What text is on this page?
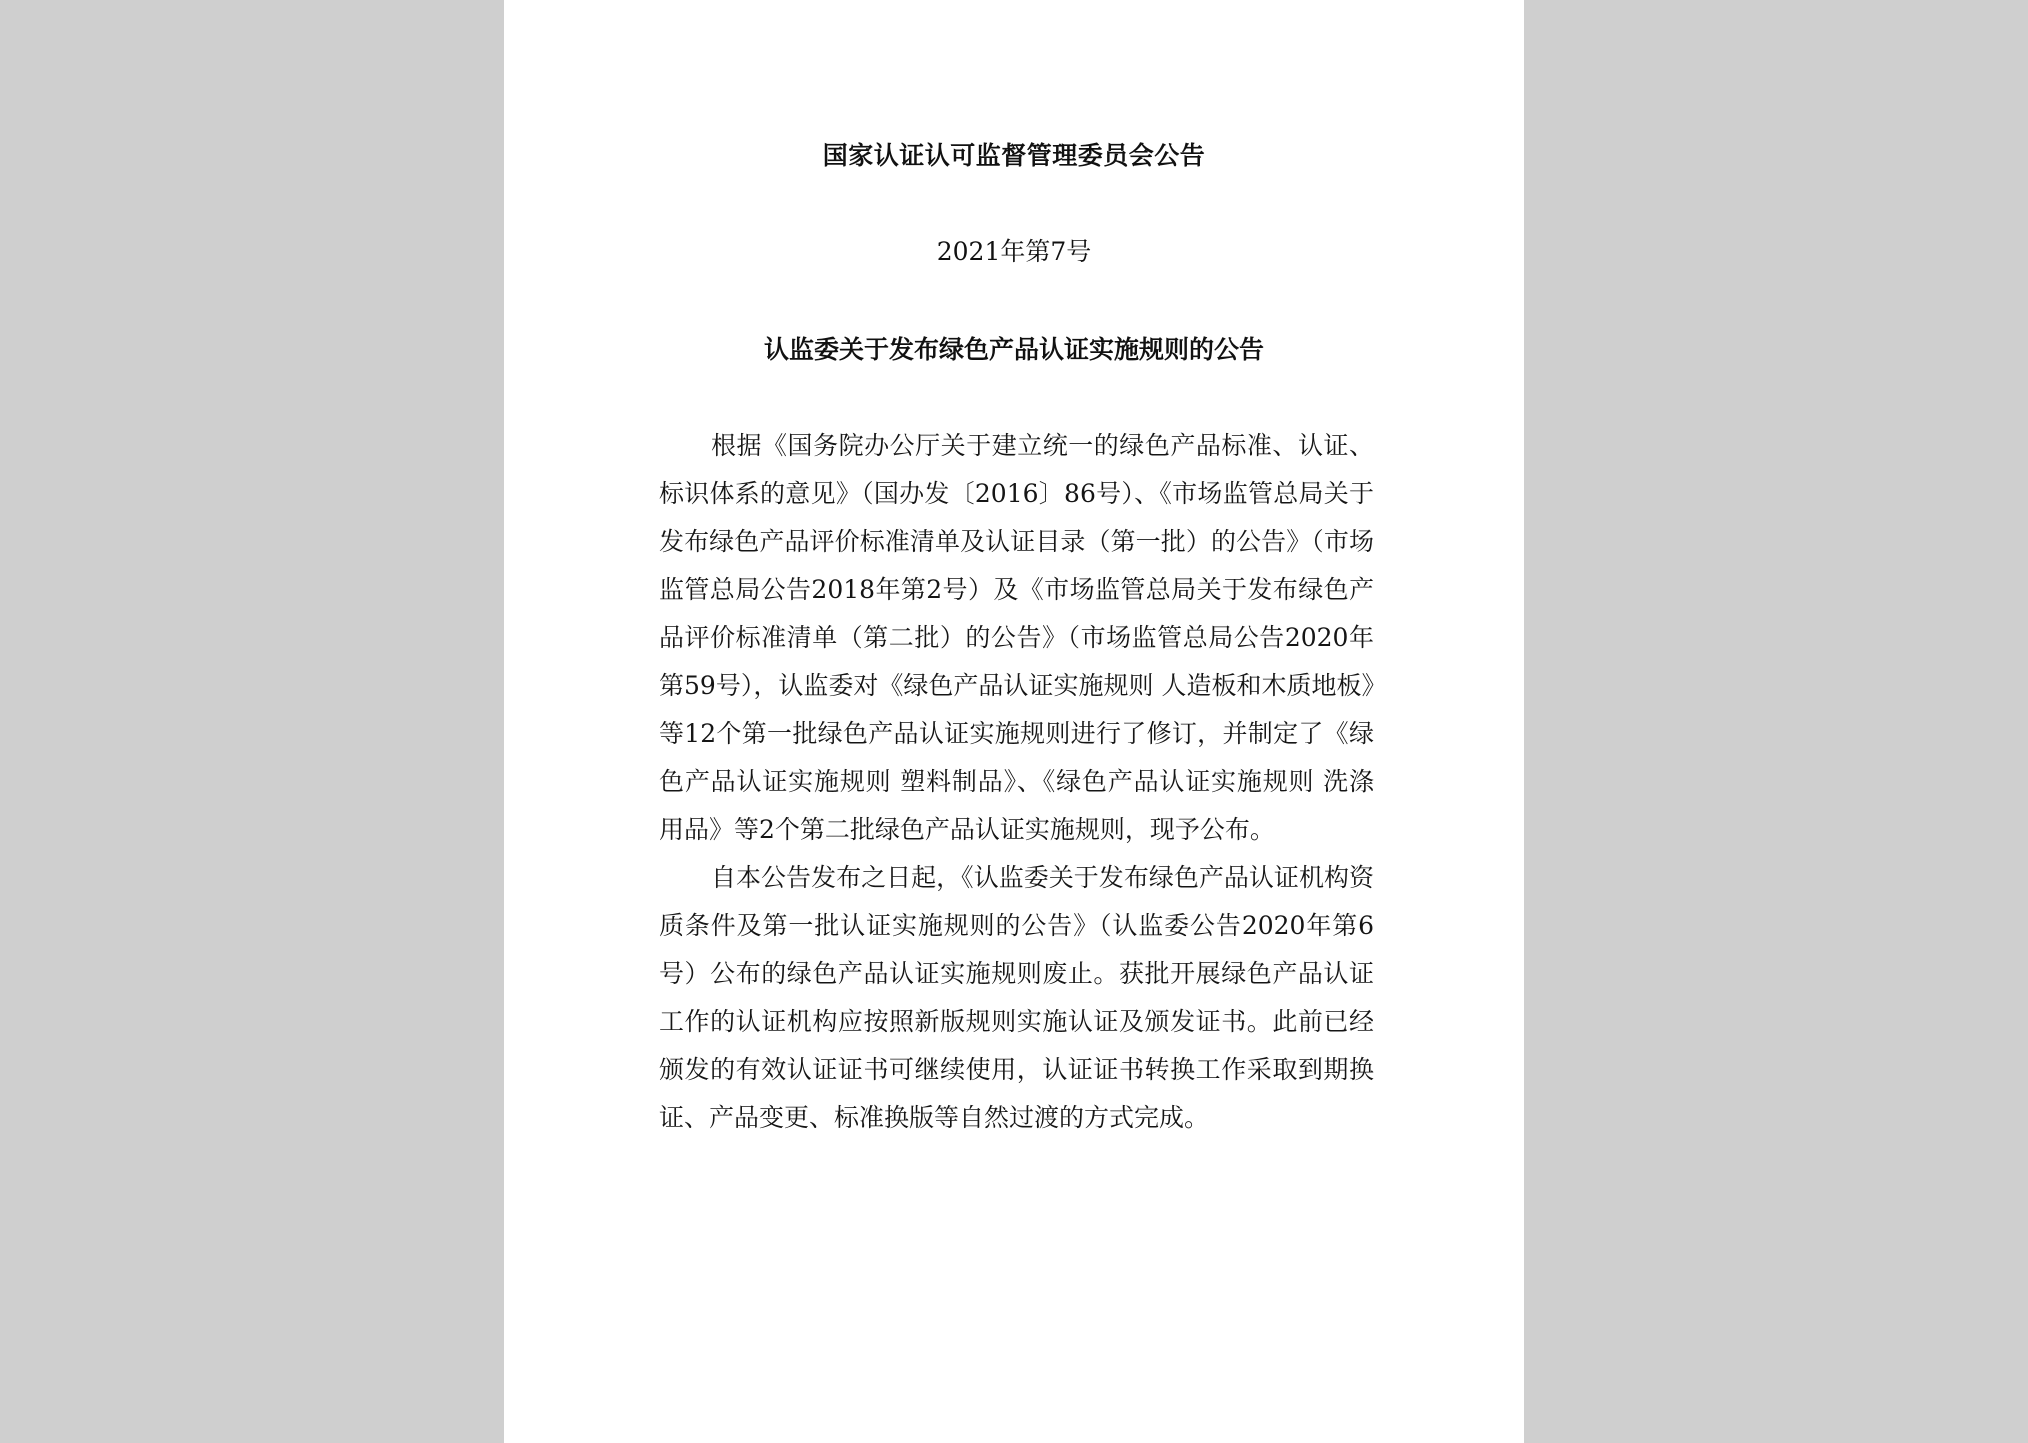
国家认证认可监督管理委员会公告
2021年第7号
认监委关于发布绿色产品认证实施规则的公告

根据《国务院办公厅关于建立统一的绿色产品标准、认证、标识体系的意见》（国办发〔2016〕86号）、《市场监管总局关于发布绿色产品评价标准清单及认证目录（第一批）的公告》（市场监管总局公告2018年第2号）及《市场监管总局关于发布绿色产品评价标准清单（第二批）的公告》（市场监管总局公告2020年第59号），认监委对《绿色产品认证实施规则 人造板和木质地板》等12个第一批绿色产品认证实施规则进行了修订，并制定了《绿色产品认证实施规则 塑料制品》、《绿色产品认证实施规则 洗涤用品》等2个第二批绿色产品认证实施规则，现予公布。

自本公告发布之日起，《认监委关于发布绿色产品认证机构资质条件及第一批认证实施规则的公告》（认监委公告2020年第6号）公布的绿色产品认证实施规则废止。获批开展绿色产品认证工作的认证机构应按照新版规则实施认证及颁发证书。此前已经颁发的有效认证证书可继续使用，认证证书转换工作采取到期换证、产品变更、标准换版等自然过渡的方式完成。
